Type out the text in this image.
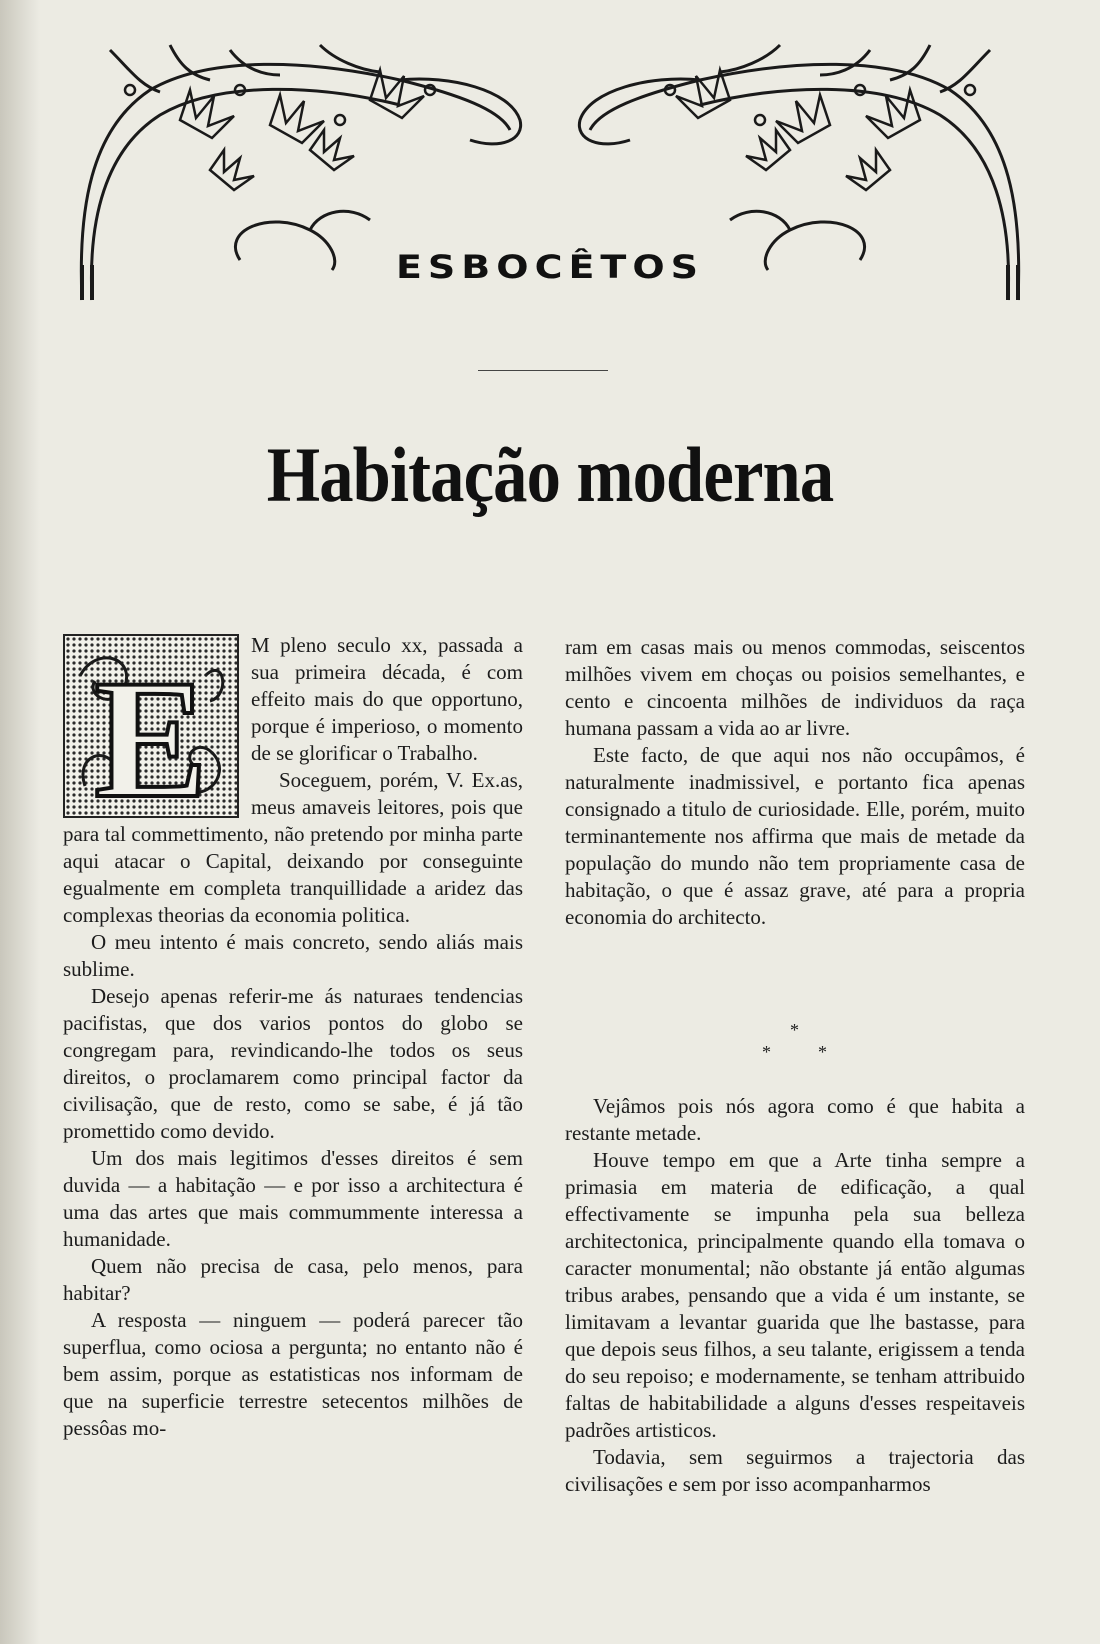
ESBOCÊTOS
Habitação moderna
E	M pleno seculo xx, passada a sua primeira década, é com effeito mais do que opportuno, porque é imperioso, o momento de se glorificar o Trabalho.

Soceguem, porém, V. Ex.as, meus amaveis leitores, pois que para tal commettimento, não pretendo por minha parte aqui atacar o Capital, deixando por conseguinte egualmente em completa tranquillidade a aridez das complexas theorias da economia politica.

O meu intento é mais concreto, sendo aliás mais sublime.

Desejo apenas referir-me ás naturaes tendencias pacifistas, que dos varios pontos do globo se congregam para, revindicando-lhe todos os seus direitos, o proclamarem como principal factor da civilisação, que de resto, como se sabe, é já tão promettido como devido.

Um dos mais legitimos d'esses direitos é sem duvida — a habitação — e por isso a architectura é uma das artes que mais commummente interessa a humanidade.

Quem não precisa de casa, pelo menos, para habitar?

A resposta — ninguem — poderá parecer tão superflua, como ociosa a pergunta; no entanto não é bem assim, porque as estatisticas nos informam de que na superficie terrestre setecentos milhões de pessôas mo-

ram em casas mais ou menos commodas, seiscentos milhões vivem em choças ou poisios semelhantes, e cento e cincoenta milhões de individuos da raça humana passam a vida ao ar livre.

Este facto, de que aqui nos não occupâmos, é naturalmente inadmissivel, e portanto fica apenas consignado a titulo de curiosidade. Elle, porém, muito terminantemente nos affirma que mais de metade da população do mundo não tem propriamente casa de habitação, o que é assaz grave, até para a propria economia do architecto.

*
*	*

Vejâmos pois nós agora como é que habita a restante metade.

Houve tempo em que a Arte tinha sempre a primasia em materia de edificação, a qual effectivamente se impunha pela sua belleza architectonica, principalmente quando ella tomava o caracter monumental; não obstante já então algumas tribus arabes, pensando que a vida é um instante, se limitavam a levantar guarida que lhe bastasse, para que depois seus filhos, a seu talante, erigissem a tenda do seu repoiso; e modernamente, se tenham attribuido faltas de habitabilidade a alguns d'esses respeitaveis padrões artisticos.

Todavia, sem seguirmos a trajectoria das civilisações e sem por isso acompanharmos
